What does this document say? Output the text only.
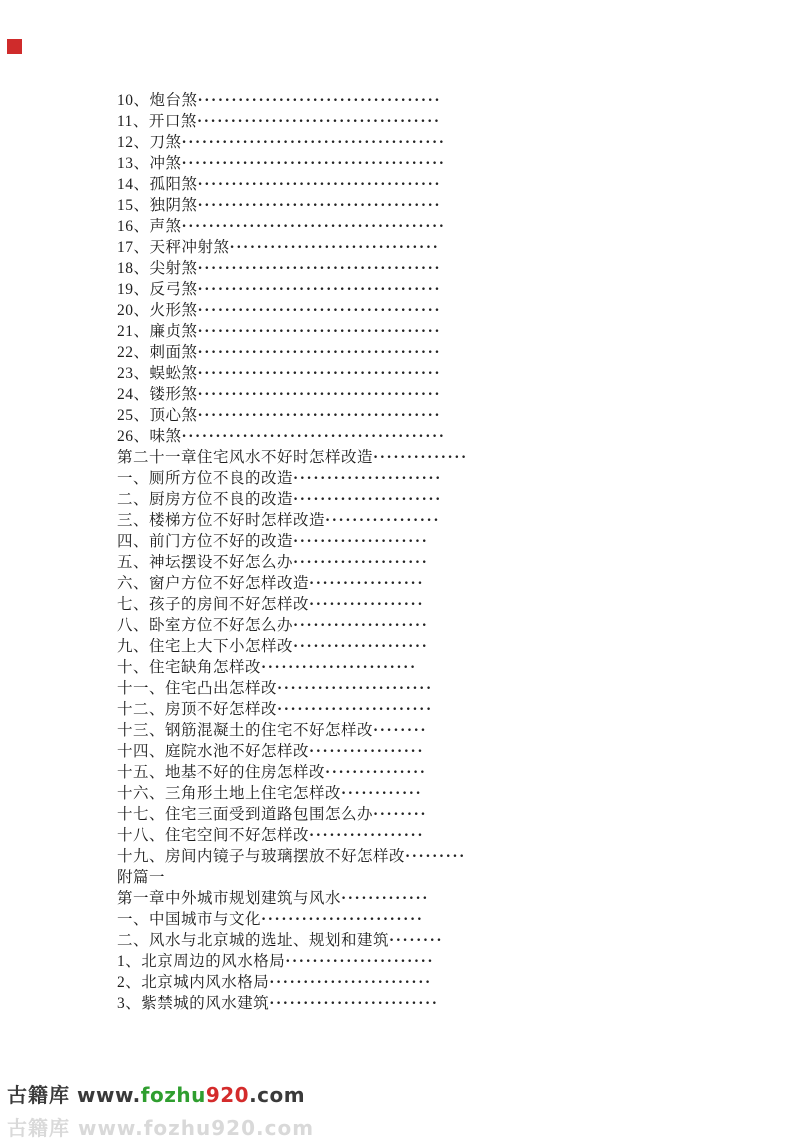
10、炮台煞····································
11、开口煞····································
12、刀煞·······································
13、冲煞·······································
14、孤阳煞····································
15、独阴煞····································
16、声煞·······································
17、天秤冲射煞·······························
18、尖射煞····································
19、反弓煞····································
20、火形煞····································
21、廉贞煞····································
22、刺面煞····································
23、蜈蚣煞····································
24、镂形煞····································
25、顶心煞····································
26、味煞·······································
第二十一章住宅风水不好时怎样改造··············
一、厕所方位不良的改造······················
二、厨房方位不良的改造······················
三、楼梯方位不好时怎样改造·················
四、前门方位不好的改造····················
五、神坛摆设不好怎么办····················
六、窗户方位不好怎样改造·················
七、孩子的房间不好怎样改·················
八、卧室方位不好怎么办····················
九、住宅上大下小怎样改····················
十、住宅缺角怎样改·······················
十一、住宅凸出怎样改·······················
十二、房顶不好怎样改·······················
十三、钢筋混凝土的住宅不好怎样改········
十四、庭院水池不好怎样改·················
十五、地基不好的住房怎样改···············
十六、三角形土地上住宅怎样改············
十七、住宅三面受到道路包围怎么办········
十八、住宅空间不好怎样改·················
十九、房间内镜子与玻璃摆放不好怎样改·········
附篇一
第一章中外城市规划建筑与风水·············
一、中国城市与文化························
二、风水与北京城的选址、规划和建筑········
1、北京周边的风水格局······················
2、北京城内风水格局························
3、紫禁城的风水建筑·························
古籍库 www.fozhu920.com
古籍库 www.fozhu920.com
